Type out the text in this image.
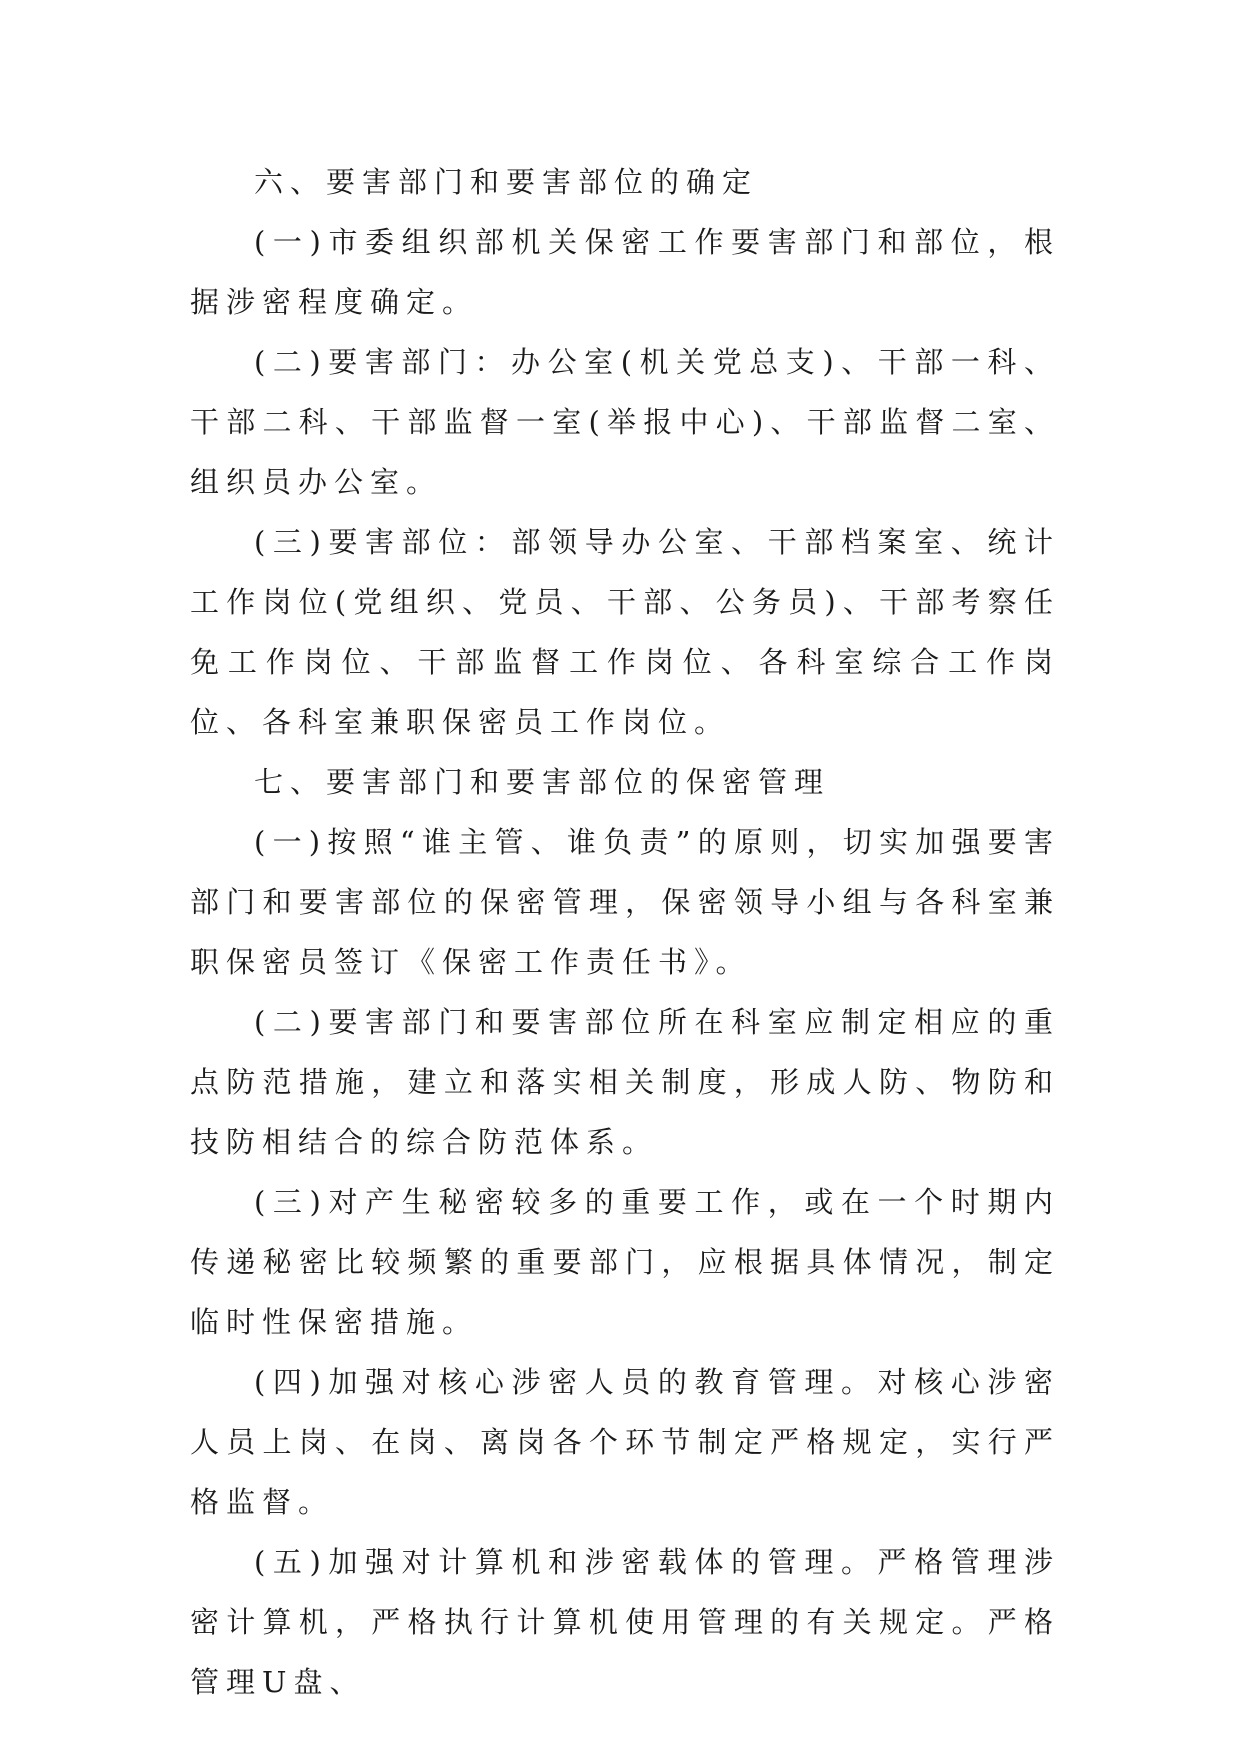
六、要害部门和要害部位的确定

(一)市委组织部机关保密工作要害部门和部位，根据涉密程度确定。

(二)要害部门：办公室(机关党总支)、干部一科、干部二科、干部监督一室(举报中心)、干部监督二室、组织员办公室。

(三)要害部位：部领导办公室、干部档案室、统计工作岗位(党组织、党员、干部、公务员)、干部考察任免工作岗位、干部监督工作岗位、各科室综合工作岗位、各科室兼职保密员工作岗位。

七、要害部门和要害部位的保密管理

(一)按照“谁主管、谁负责”的原则，切实加强要害部门和要害部位的保密管理，保密领导小组与各科室兼职保密员签订《保密工作责任书》。

(二)要害部门和要害部位所在科室应制定相应的重点防范措施，建立和落实相关制度，形成人防、物防和技防相结合的综合防范体系。

(三)对产生秘密较多的重要工作，或在一个时期内传递秘密比较频繁的重要部门，应根据具体情况，制定临时性保密措施。

(四)加强对核心涉密人员的教育管理。对核心涉密人员上岗、在岗、离岗各个环节制定严格规定，实行严格监督。

(五)加强对计算机和涉密载体的管理。严格管理涉密计算机，严格执行计算机使用管理的有关规定。严格管理U盘、
